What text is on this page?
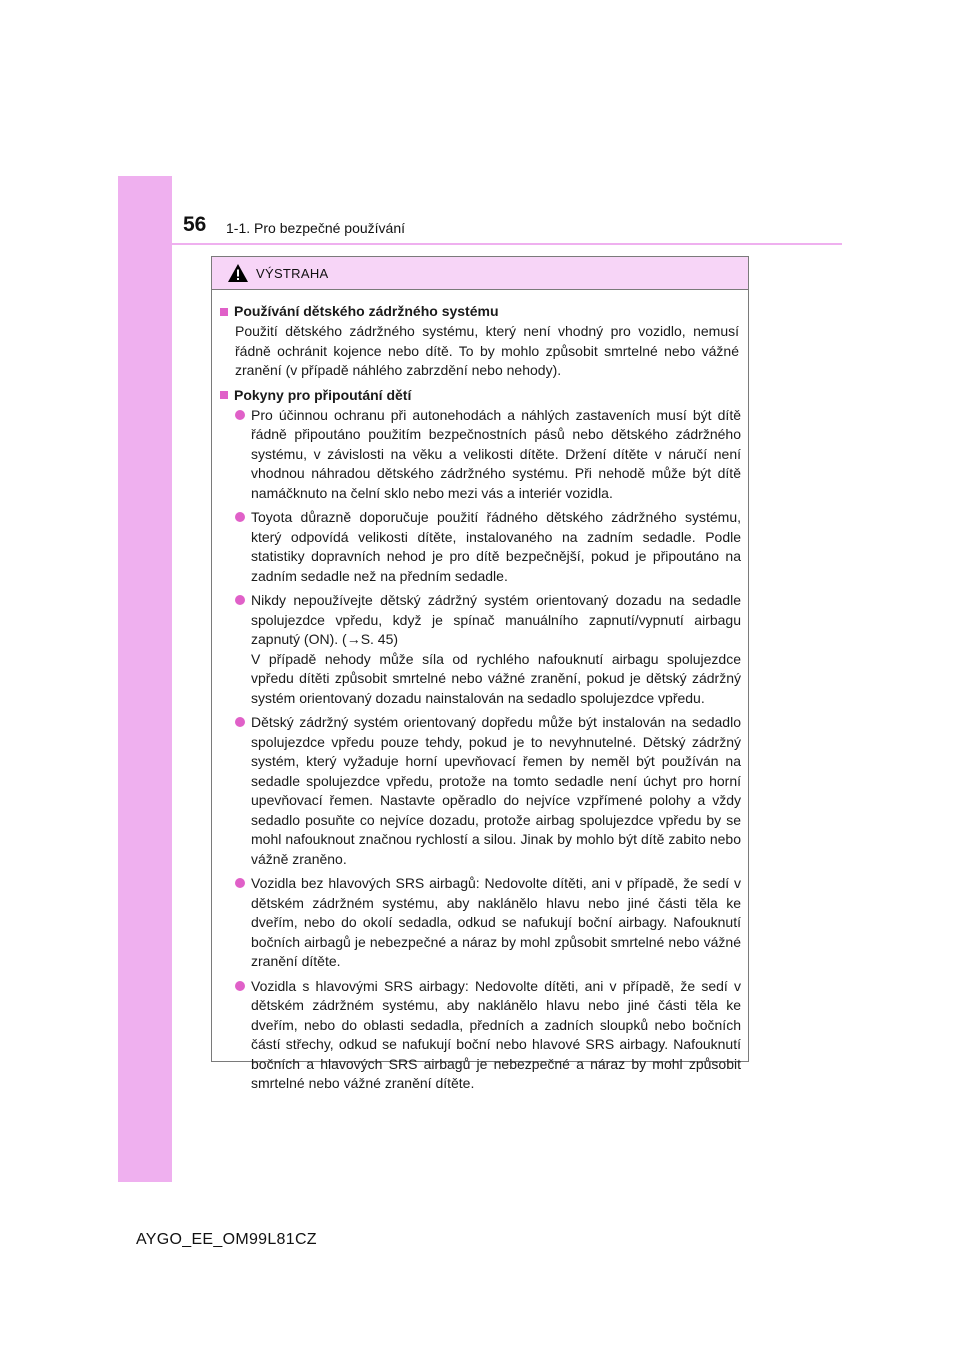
56 1-1. Pro bezpečné používání
VÝSTRAHA
Používání dětského zádržného systému

Použití dětského zádržného systému, který není vhodný pro vozidlo, nemusí řádně ochránit kojence nebo dítě. To by mohlo způsobit smrtelné nebo vážné zranění (v případě náhlého zabrzdění nebo nehody).

Pokyny pro připoutání dětí
Pro účinnou ochranu při autonehodách a náhlých zastaveních musí být dítě řádně připoutáno použitím bezpečnostních pásů nebo dětského zádržného systému, v závislosti na věku a velikosti dítěte. Držení dítěte v náručí není vhodnou náhradou dětského zádržného systému. Při nehodě může být dítě namáčknuto na čelní sklo nebo mezi vás a interiér vozidla.
Toyota důrazně doporučuje použití řádného dětského zádržného systému, který odpovídá velikosti dítěte, instalovaného na zadním sedadle. Podle statistiky dopravních nehod je pro dítě bezpečnější, pokud je připoutáno na zadním sedadle než na předním sedadle.
Nikdy nepoužívejte dětský zádržný systém orientovaný dozadu na sedadle spolujezdce vpředu, když je spínač manuálního zapnutí/vypnutí airbagu zapnutý (ON). (→S. 45)
V případě nehody může síla od rychlého nafouknutí airbagu spolujezdce vpředu dítěti způsobit smrtelné nebo vážné zranění, pokud je dětský zádržný systém orientovaný dozadu nainstalován na sedadlo spolujezdce vpředu.
Dětský zádržný systém orientovaný dopředu může být instalován na sedadlo spolujezdce vpředu pouze tehdy, pokud je to nevyhnutelné. Dětský zádržný systém, který vyžaduje horní upevňovací řemen by neměl být používán na sedadle spolujezdce vpředu, protože na tomto sedadle není úchyt pro horní upevňovací řemen. Nastavte opěradlo do nejvíce vzpřímené polohy a vždy sedadlo posuňte co nejvíce dozadu, protože airbag spolujezdce vpředu by se mohl nafouknout značnou rychlostí a silou. Jinak by mohlo být dítě zabito nebo vážně zraněno.
Vozidla bez hlavových SRS airbagů: Nedovolte dítěti, ani v případě, že sedí v dětském zádržném systému, aby naklánělo hlavu nebo jiné části těla ke dveřím, nebo do okolí sedadla, odkud se nafukují boční airbagy. Nafouknutí bočních airbagů je nebezpečné a náraz by mohl způsobit smrtelné nebo vážné zranění dítěte.
Vozidla s hlavovými SRS airbagy: Nedovolte dítěti, ani v případě, že sedí v dětském zádržném systému, aby naklánělo hlavu nebo jiné části těla ke dveřím, nebo do oblasti sedadla, předních a zadních sloupků nebo bočních částí střechy, odkud se nafukují boční nebo hlavové SRS airbagy. Nafouknutí bočních a hlavových SRS airbagů je nebezpečné a náraz by mohl způsobit smrtelné nebo vážné zranění dítěte.
AYGO_EE_OM99L81CZ
